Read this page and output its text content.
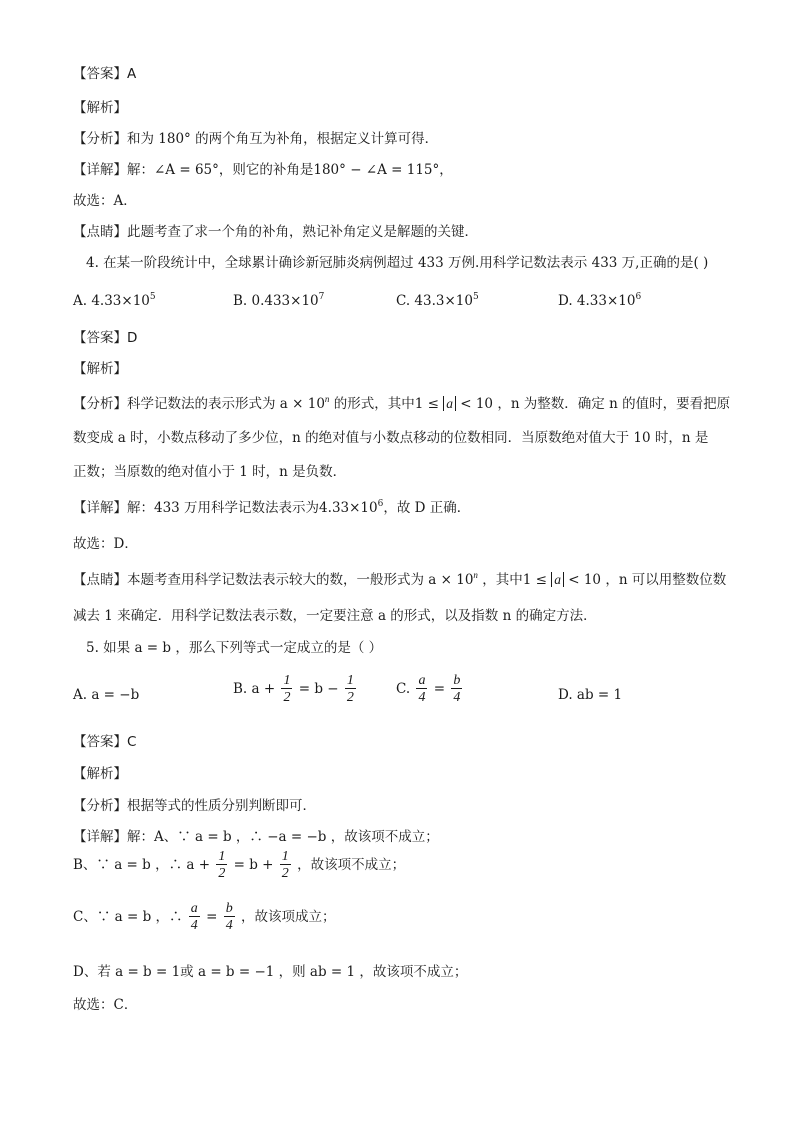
【答案】A
【解析】
【分析】和为 180° 的两个角互为补角，根据定义计算可得．
【详解】解：∠A = 65°，则它的补角是180° − ∠A = 115°，
故选：A．
【点睛】此题考查了求一个角的补角，熟记补角定义是解题的关键．
4. 在某一阶段统计中，全球累计确诊新冠肺炎病例超过 433 万例.用科学记数法表示 433 万,正确的是( )
A. $4.33\times 10^5$	B. $0.433\times 10^7$	C. $43.3\times 10^5$	D. $4.33\times 10^6$
【答案】D
【解析】
【分析】科学记数法的表示形式为 $a \times 10^n$ 的形式，其中1 ≤ a < 10 ，n 为整数．确定 n 的值时，要看把原
数变成 a 时，小数点移动了多少位，n 的绝对值与小数点移动的位数相同．当原数绝对值大于 10 时，n 是
正数；当原数的绝对值小于 1 时，n 是负数．
【详解】解：433 万用科学记数法表示为$4.33\times 10^6$，故 D 正确．
故选：D．
【点睛】本题考查用科学记数法表示较大的数，一般形式为 $a \times 10^n$ ，其中1 ≤ a < 10 ，n 可以用整数位数
减去 1 来确定．用科学记数法表示数，一定要注意 a 的形式，以及指数 n 的确定方法．
5. 如果 a = b ，那么下列等式一定成立的是（ ）
A. a = −b	B. $a + \frac{1}{2} = b - \frac{1}{2}$	C. $\frac{a}{4} = \frac{b}{4}$	D. ab = 1
【答案】C
【解析】
【分析】根据等式的性质分别判断即可．
【详解】解：A、∵ a = b ，∴ −a = −b ，故该项不成立；
B、∵ a = b ，∴ $a + \frac{1}{2} = b + \frac{1}{2}$ ，故该项不成立；
C、∵ a = b ，∴ $\frac{a}{4} = \frac{b}{4}$ ，故该项成立；
D、若 a = b = 1或 a = b = −1 ，则 ab = 1 ，故该项不成立；
故选：C．
